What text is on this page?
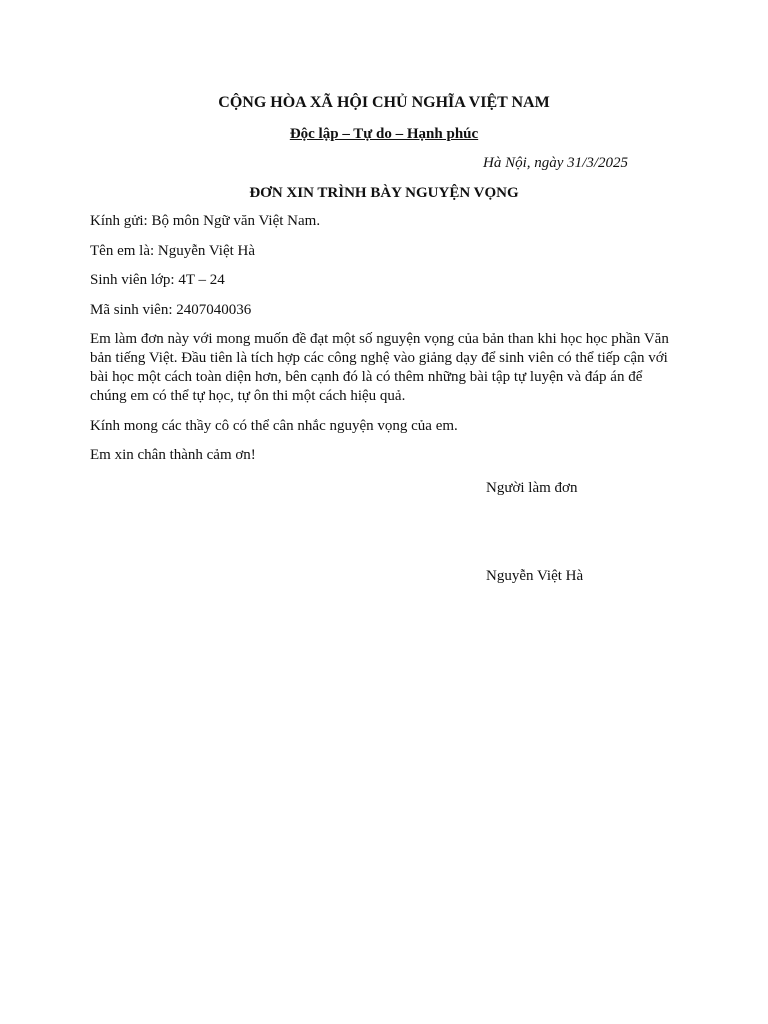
CỘNG HÒA XÃ HỘI CHỦ NGHĨA VIỆT NAM
Độc lập – Tự do – Hạnh phúc
Hà Nội, ngày 31/3/2025
ĐƠN XIN TRÌNH BÀY NGUYỆN VỌNG

Kính gửi: Bộ môn Ngữ văn Việt Nam.

Tên em là: Nguyễn Việt Hà

Sinh viên lớp: 4T – 24

Mã sinh viên: 2407040036

Em làm đơn này với mong muốn đề đạt một số nguyện vọng của bản than khi học học phần Văn bản tiếng Việt. Đầu tiên là tích hợp các công nghệ vào giảng dạy để sinh viên có thể tiếp cận với bài học một cách toàn diện hơn, bên cạnh đó là có thêm những bài tập tự luyện và đáp án để chúng em có thể tự học, tự ôn thi một cách hiệu quả.

Kính mong các thầy cô có thể cân nhắc nguyện vọng của em.

Em xin chân thành cảm ơn!

Người làm đơn
Nguyễn Việt Hà
